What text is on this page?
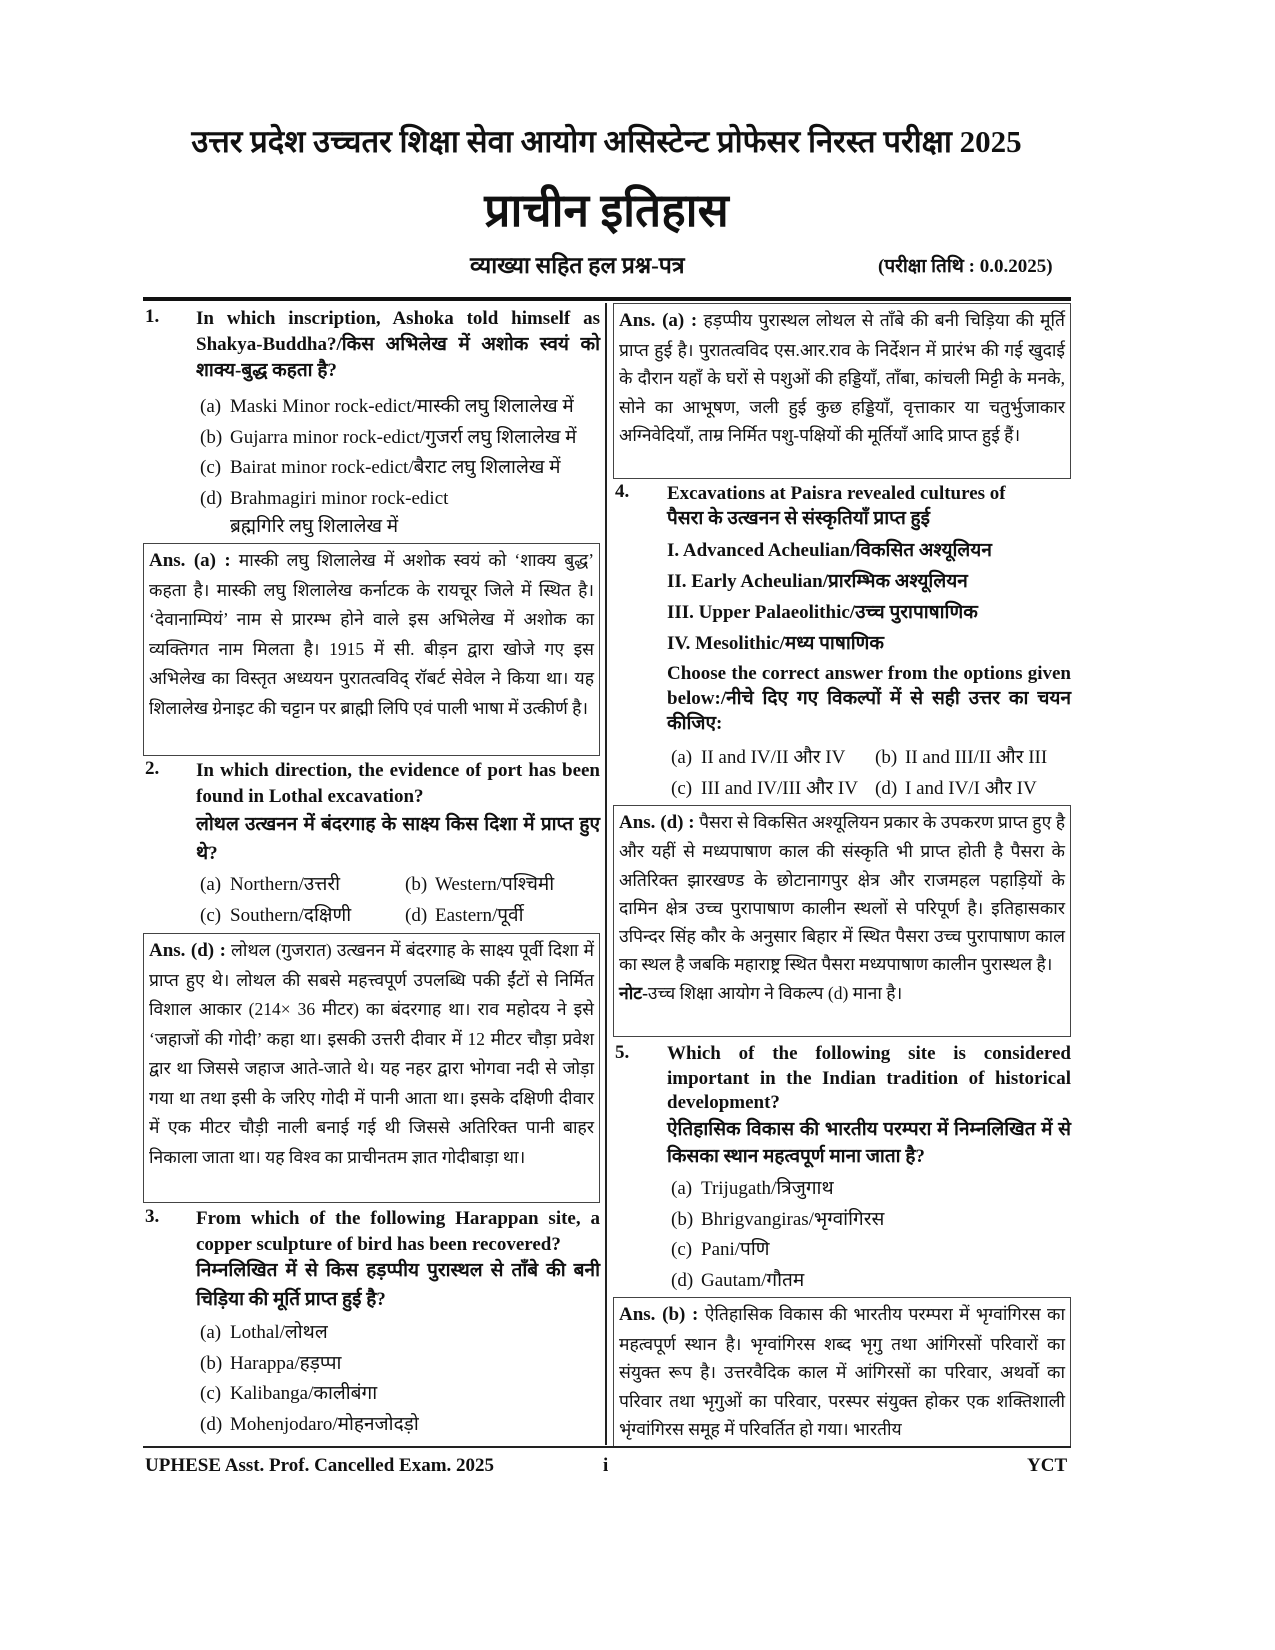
उत्तर प्रदेश उच्चतर शिक्षा सेवा आयोग असिस्टेन्ट प्रोफेसर निरस्त परीक्षा 2025
प्राचीन इतिहास
व्याख्या सहित हल प्रश्न-पत्र	(परीक्षा तिथि : 0.0.2025)
1. In which inscription, Ashoka told himself as Shakya-Buddha?/किस अभिलेख में अशोक स्वयं को शाक्य-बुद्ध कहता है?
(a) Maski Minor rock-edict/मास्की लघु शिलालेख में
(b) Gujarra minor rock-edict/गुजर्रा लघु शिलालेख में
(c) Bairat minor rock-edict/बैराट लघु शिलालेख में
(d) Brahmagiri minor rock-edict
ब्रह्मगिरि लघु शिलालेख में
Ans. (a) : मास्की लघु शिलालेख में अशोक स्वयं को ‘शाक्य बुद्ध’ कहता है। मास्की लघु शिलालेख कर्नाटक के रायचूर जिले में स्थित है। ‘देवानाम्पियं’ नाम से प्रारम्भ होने वाले इस अभिलेख में अशोक का व्यक्तिगत नाम मिलता है। 1915 में सी. बीड़न द्वारा खोजे गए इस अभिलेख का विस्तृत अध्ययन पुरातत्वविद् रॉबर्ट सेवेल ने किया था। यह शिलालेख ग्रेनाइट की चट्टान पर ब्राह्मी लिपि एवं पाली भाषा में उत्कीर्ण है।
2. In which direction, the evidence of port has been found in Lothal excavation?
लोथल उत्खनन में बंदरगाह के साक्ष्य किस दिशा में प्राप्त हुए थे?
(a) Northern/उत्तरी	(b) Western/पश्चिमी
(c) Southern/दक्षिणी	(d) Eastern/पूर्वी
Ans. (d) : लोथल (गुजरात) उत्खनन में बंदरगाह के साक्ष्य पूर्वी दिशा में प्राप्त हुए थे। लोथल की सबसे महत्त्वपूर्ण उपलब्धि पकी ईंटों से निर्मित विशाल आकार (214× 36 मीटर) का बंदरगाह था। राव महोदय ने इसे ‘जहाजों की गोदी’ कहा था। इसकी उत्तरी दीवार में 12 मीटर चौड़ा प्रवेश द्वार था जिससे जहाज आते-जाते थे। यह नहर द्वारा भोगवा नदी से जोड़ा गया था तथा इसी के जरिए गोदी में पानी आता था। इसके दक्षिणी दीवार में एक मीटर चौड़ी नाली बनाई गई थी जिससे अतिरिक्त पानी बाहर निकाला जाता था। यह विश्व का प्राचीनतम ज्ञात गोदीबाड़ा था।
3. From which of the following Harappan site, a copper sculpture of bird has been recovered?
निम्नलिखित में से किस हड़प्पीय पुरास्थल से ताँबे की बनी चिड़िया की मूर्ति प्राप्त हुई है?
(a) Lothal/लोथल
(b) Harappa/हड़प्पा
(c) Kalibanga/कालीबंगा
(d) Mohenjodaro/मोहनजोदड़ो
Ans. (a) : हड़प्पीय पुरास्थल लोथल से ताँबे की बनी चिड़िया की मूर्ति प्राप्त हुई है। पुरातत्वविद एस.आर.राव के निर्देशन में प्रारंभ की गई खुदाई के दौरान यहाँ के घरों से पशुओं की हड्डियाँ, ताँबा, कांचली मिट्टी के मनके, सोने का आभूषण, जली हुई कुछ हड्डियाँ, वृत्ताकार या चतुर्भुजाकार अग्निवेदियाँ, ताम्र निर्मित पशु-पक्षियों की मूर्तियाँ आदि प्राप्त हुई हैं।
4. Excavations at Paisra revealed cultures of
पैसरा के उत्खनन से संस्कृतियाँ प्राप्त हुई
I. Advanced Acheulian/विकसित अश्यूलियन
II. Early Acheulian/प्रारम्भिक अश्यूलियन
III. Upper Palaeolithic/उच्च पुरापाषाणिक
IV. Mesolithic/मध्य पाषाणिक
Choose the correct answer from the options given below:/नीचे दिए गए विकल्पों में से सही उत्तर का चयन कीजिए:
(a) II and IV/II और IV (b) II and III/II और III
(c) III and IV/III और IV (d) I and IV/I और IV
Ans. (d) : पैसरा से विकसित अश्यूलियन प्रकार के उपकरण प्राप्त हुए है और यहीं से मध्यपाषाण काल की संस्कृति भी प्राप्त होती है पैसरा के अतिरिक्त झारखण्ड के छोटानागपुर क्षेत्र और राजमहल पहाड़ियों के दामिन क्षेत्र उच्च पुरापाषाण कालीन स्थलों से परिपूर्ण है। इतिहासकार उपिन्दर सिंह कौर के अनुसार बिहार में स्थित पैसरा उच्च पुरापाषाण काल का स्थल है जबकि महाराष्ट्र स्थित पैसरा मध्यपाषाण कालीन पुरास्थल है।
नोट-उच्च शिक्षा आयोग ने विकल्प (d) माना है।
5. Which of the following site is considered important in the Indian tradition of historical development?
ऐतिहासिक विकास की भारतीय परम्परा में निम्नलिखित में से किसका स्थान महत्वपूर्ण माना जाता है?
(a) Trijugath/त्रिजुगाथ
(b) Bhrigvangiras/भृग्वांगिरस
(c) Pani/पणि
(d) Gautam/गौतम
Ans. (b) : ऐतिहासिक विकास की भारतीय परम्परा में भृग्वांगिरस का महत्वपूर्ण स्थान है। भृग्वांगिरस शब्द भृगु तथा आंगिरसों परिवारों का संयुक्त रूप है। उत्तरवैदिक काल में आंगिरसों का परिवार, अथर्वो का परिवार तथा भृगुओं का परिवार, परस्पर संयुक्त होकर एक शक्तिशाली भृंग्वांगिरस समूह में परिवर्तित हो गया। भारतीय
UPHESE Asst. Prof. Cancelled Exam. 2025	i	YCT
